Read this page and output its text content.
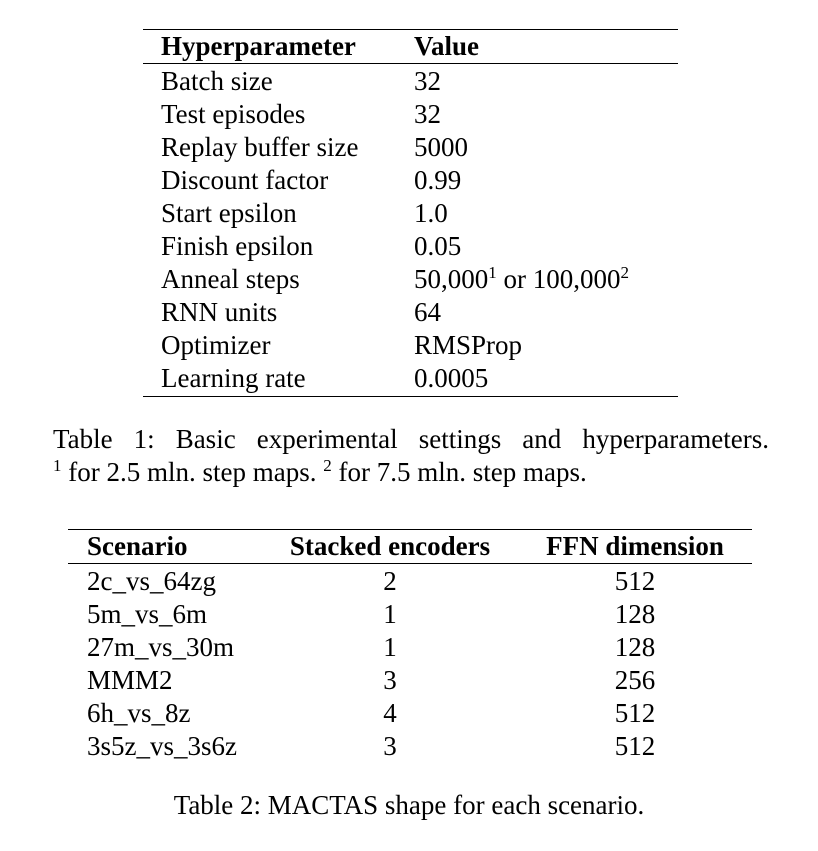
Hyperparameter Value
Batch size	32
Test episodes	32
Replay buffer size 5000
Discount factor	0.99
Start epsilon	1.0
Finish epsilon	0.05
Anneal steps	50,000$^1$ or 100,000$^2$
RNN units	64
Optimizer	RMSProp
Learning rate	0.0005
Table 1: Basic experimental settings and hyperparameters.
$^1$ for 2.5 mln. step maps. $^2$ for 7.5 mln. step maps.
Scenario	Stacked encoders	FFN dimension
2c_vs_64zg	2	512
5m_vs_6m	1	128
27m_vs_30m	1	128
MMM2	3	256
6h_vs_8z	4	512
3s5z_vs_3s6z	3	512
Table 2: MACTAS shape for each scenario.
